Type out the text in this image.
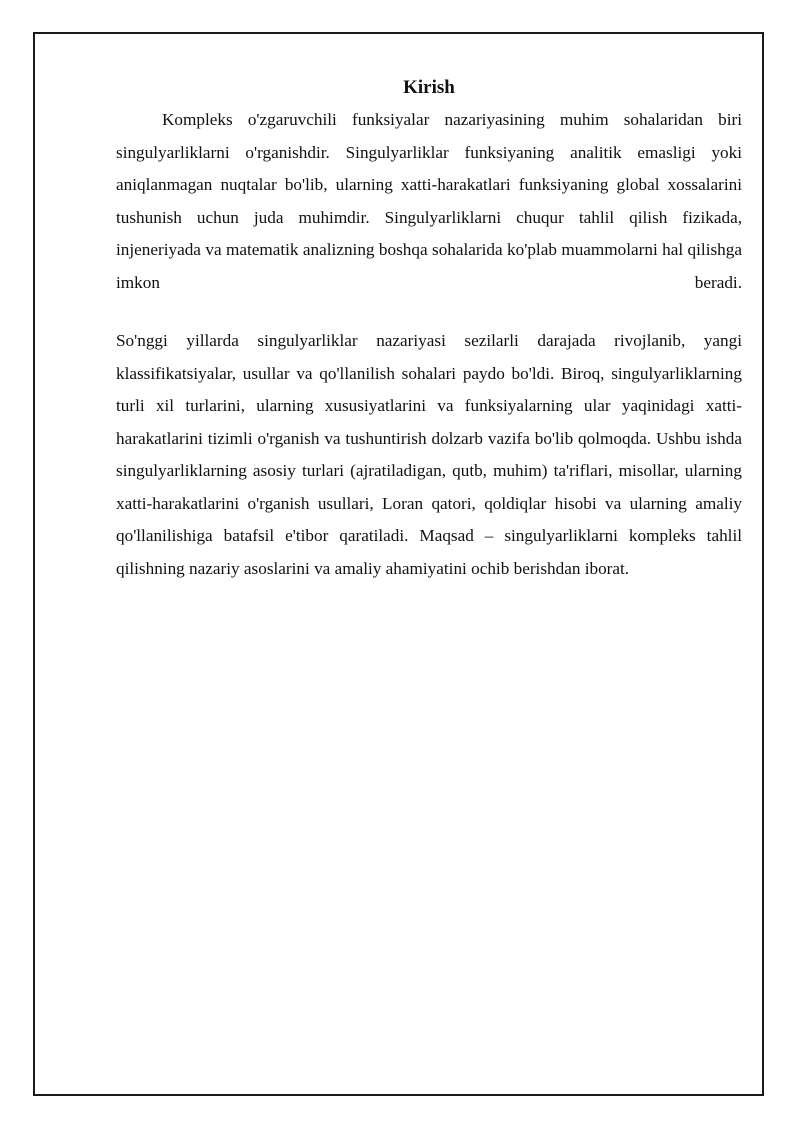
Kirish

Kompleks o'zgaruvchili funksiyalar nazariyasining muhim sohalaridan biri singulyarliklarni o'rganishdir. Singulyarliklar funksiyaning analitik emasligi yoki aniqlanmagan nuqtalar bo'lib, ularning xatti-harakatlari funksiyaning global xossalarini tushunish uchun juda muhimdir. Singulyarliklarni chuqur tahlil qilish fizikada, injeneriyada va matematik analizning boshqa sohalarida ko'plab muammolarni hal qilishga imkon beradi.

So'nggi yillarda singulyarliklar nazariyasi sezilarli darajada rivojlanib, yangi klassifikatsiyalar, usullar va qo'llanilish sohalari paydo bo'ldi. Biroq, singulyarliklarning turli xil turlarini, ularning xususiyatlarini va funksiyalarning ular yaqinidagi xatti-harakatlarini tizimli o'rganish va tushuntirish dolzarb vazifa bo'lib qolmoqda. Ushbu ishda singulyarliklarning asosiy turlari (ajratiladigan, qutb, muhim) ta'riflari, misollar, ularning xatti-harakatlarini o'rganish usullari, Loran qatori, qoldiqlar hisobi va ularning amaliy qo'llanilishiga batafsil e'tibor qaratiladi. Maqsad – singulyarliklarni kompleks tahlil qilishning nazariy asoslarini va amaliy ahamiyatini ochib berishdan iborat.
